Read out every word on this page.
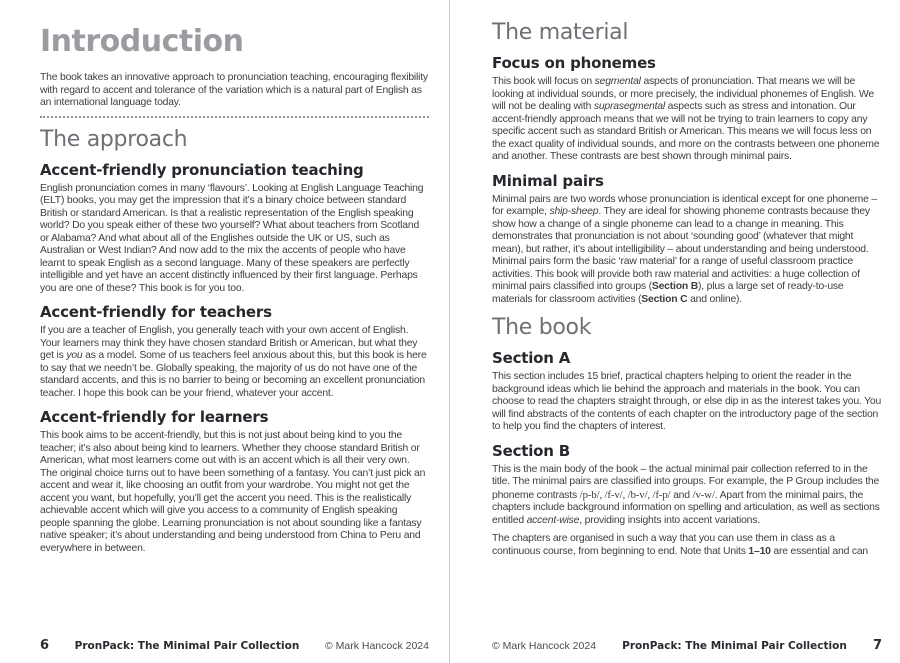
Introduction

The book takes an innovative approach to pronunciation teaching, encouraging flexibility with regard to accent and tolerance of the variation which is a natural part of English as an international language today.

The approach
Accent-friendly pronunciation teaching

English pronunciation comes in many ‘flavours’. Looking at English Language Teaching (ELT) books, you may get the impression that it’s a binary choice between standard British or standard American. Is that a realistic representation of the English speaking world? Do you speak either of these two yourself? What about teachers from Scotland or Alabama? And what about all of the Englishes outside the UK or US, such as Australian or West Indian? And now add to the mix the accents of people who have learnt to speak English as a second language. Many of these speakers are perfectly intelligible and yet have an accent distinctly influenced by their first language. Perhaps you are one of these? This book is for you too.

Accent-friendly for teachers

If you are a teacher of English, you generally teach with your own accent of English. Your learners may think they have chosen standard British or American, but what they get is you as a model. Some of us teachers feel anxious about this, but this book is here to say that we needn’t be. Globally speaking, the majority of us do not have one of the standard accents, and this is no barrier to being or becoming an excellent pronunciation teacher. I hope this book can be your friend, whatever your accent.

Accent-friendly for learners

This book aims to be accent-friendly, but this is not just about being kind to you the teacher; it’s also about being kind to learners. Whether they choose standard British or American, what most learners come out with is an accent which is all their very own. The original choice turns out to have been something of a fantasy. You can’t just pick an accent and wear it, like choosing an outfit from your wardrobe. You might not get the accent you want, but hopefully, you’ll get the accent you need. This is the realistically achievable accent which will give you access to a community of English speaking people spanning the globe. Learning pronunciation is not about sounding like a fantasy native speaker; it’s about understanding and being understood from China to Peru and everywhere in between.

6 PronPack: The Minimal Pair Collection © Mark Hancock 2024
The material
Focus on phonemes

This book will focus on segmental aspects of pronunciation. That means we will be looking at individual sounds, or more precisely, the individual phonemes of English. We will not be dealing with suprasegmental aspects such as stress and intonation. Our accent-friendly approach means that we will not be trying to train learners to copy any specific accent such as standard British or American. This means we will focus less on the exact quality of individual sounds, and more on the contrasts between one phoneme and another. These contrasts are best shown through minimal pairs.

Minimal pairs

Minimal pairs are two words whose pronunciation is identical except for one phoneme – for example, ship-sheep. They are ideal for showing phoneme contrasts because they show how a change of a single phoneme can lead to a change in meaning. This demonstrates that pronunciation is not about ‘sounding good’ (whatever that might mean), but rather, it’s about intelligibility – about understanding and being understood. Minimal pairs form the basic ‘raw material’ for a range of useful classroom practice activities. This book will provide both raw material and activities: a huge collection of minimal pairs classified into groups (Section B), plus a large set of ready-to-use materials for classroom activities (Section C and online).

The book
Section A

This section includes 15 brief, practical chapters helping to orient the reader in the background ideas which lie behind the approach and materials in the book. You can choose to read the chapters straight through, or else dip in as the interest takes you. You will find abstracts of the contents of each chapter on the introductory page of the section to help you find the chapters of interest.

Section B

This is the main body of the book – the actual minimal pair collection referred to in the title. The minimal pairs are classified into groups. For example, the P Group includes the phoneme contrasts /p-b/, /f-v/, /b-v/, /f-p/ and /v-w/. Apart from the minimal pairs, the chapters include background information on spelling and articulation, as well as sections entitled accent-wise, providing insights into accent variations.

The chapters are organised in such a way that you can use them in class as a continuous course, from beginning to end. Note that Units 1–10 are essential and can

© Mark Hancock 2024 PronPack: The Minimal Pair Collection 7
